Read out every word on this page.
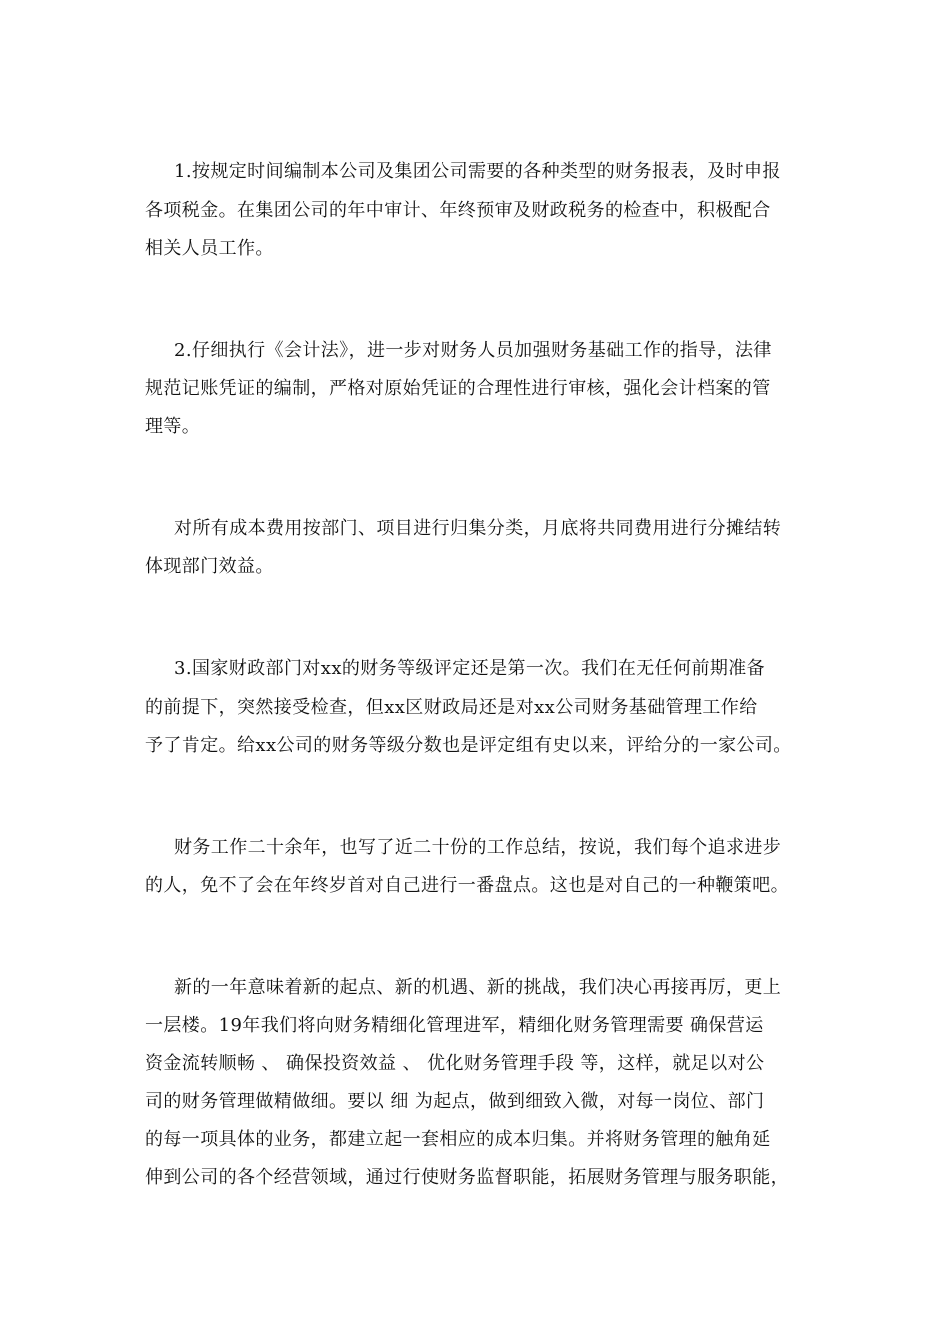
1.按规定时间编制本公司及集团公司需要的各种类型的财务报表，及时申报
各项税金。在集团公司的年中审计、年终预审及财政税务的检查中，积极配合
相关人员工作。
2.仔细执行《会计法》，进一步对财务人员加强财务基础工作的指导，法律
规范记账凭证的编制，严格对原始凭证的合理性进行审核，强化会计档案的管
理等。
对所有成本费用按部门、项目进行归集分类，月底将共同费用进行分摊结转
体现部门效益。
3.国家财政部门对xx的财务等级评定还是第一次。我们在无任何前期准备
的前提下，突然接受检查，但xx区财政局还是对xx公司财务基础管理工作给
予了肯定。给xx公司的财务等级分数也是评定组有史以来，评给分的一家公司。
财务工作二十余年，也写了近二十份的工作总结，按说，我们每个追求进步
的人，免不了会在年终岁首对自己进行一番盘点。这也是对自己的一种鞭策吧。
新的一年意味着新的起点、新的机遇、新的挑战，我们决心再接再厉，更上
一层楼。19年我们将向财务精细化管理进军，精细化财务管理需要 确保营运
资金流转顺畅 、 确保投资效益 、 优化财务管理手段 等，这样，就足以对公
司的财务管理做精做细。要以 细 为起点，做到细致入微，对每一岗位、部门
的每一项具体的业务，都建立起一套相应的成本归集。并将财务管理的触角延
伸到公司的各个经营领域，通过行使财务监督职能，拓展财务管理与服务职能，
